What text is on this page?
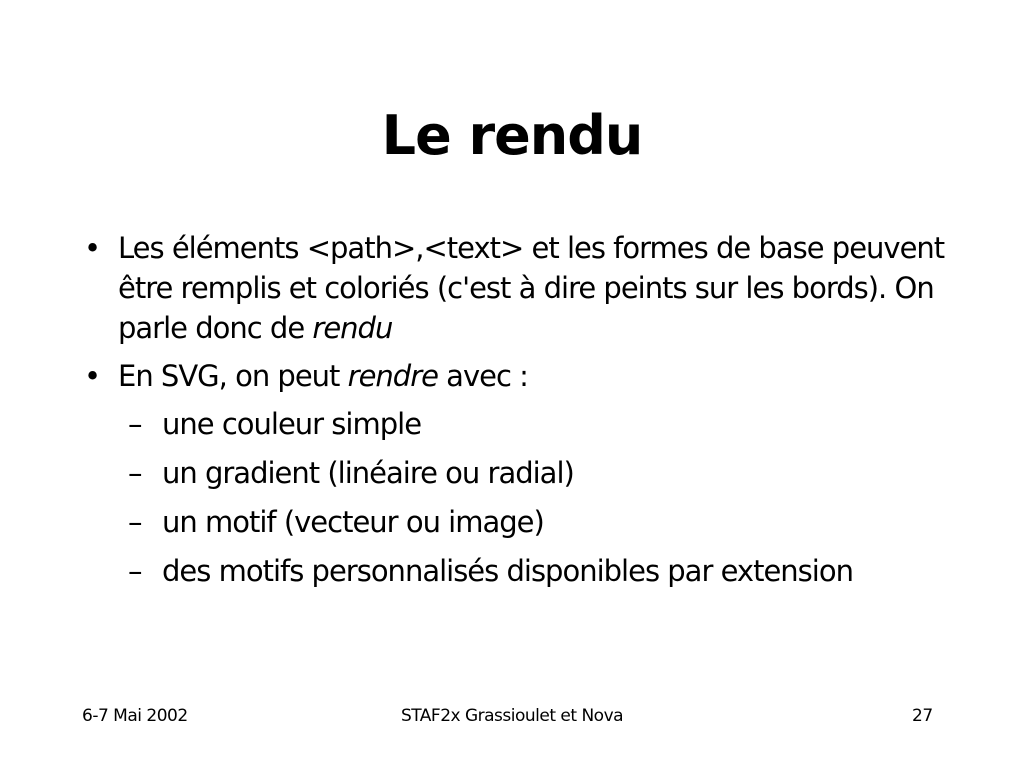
Le rendu
• Les éléments <path>,<text> et les formes de base peuvent être remplis et coloriés (c'est à dire peints sur les bords). On parle donc de rendu
• En SVG, on peut rendre avec :
– une couleur simple
– un gradient (linéaire ou radial)
– un motif (vecteur ou image)
– des motifs personnalisés disponibles par extension
6-7 Mai 2002	STAF2x Grassioulet et Nova	27
